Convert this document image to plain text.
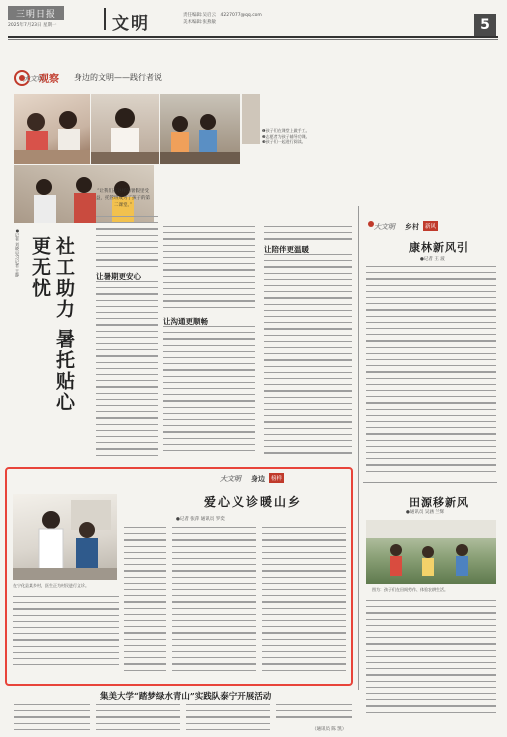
三明日报
2025年7月23日 星期一	文明	责任编辑:吴启云　4227077@qq.com
美术编辑:张燕敏	5
大文明
观察 身边的文明——践行者说
❶孩子们在课堂上做手工。
❷志愿者为孩子辅导功课。
❸孩子们一起进行阅读。
社工助力 暑托贴心更无忧
●记者 刘晓 见习记者 王静
“让我们在这样的暑假里受益，托管班成为了孩子的第二课堂。”
让暑期更安心
让沟通更顺畅
让陪伴更温暖
大文明 身边	榜样
爱心义诊暖山乡
●记者 张萍 通讯员 罗奕
在宁化县某乡村，医生正为村民进行义诊。
大文明 乡村	新风
康林新风引
●记者 王 波
田源移新风
●通讯员 吴涵 兰辉
图为：孩子们在田间劳作、体验农耕生活。
集美大学“踏梦绿水青山”实践队泰宁开展活动
（通讯员 陈 凯）
